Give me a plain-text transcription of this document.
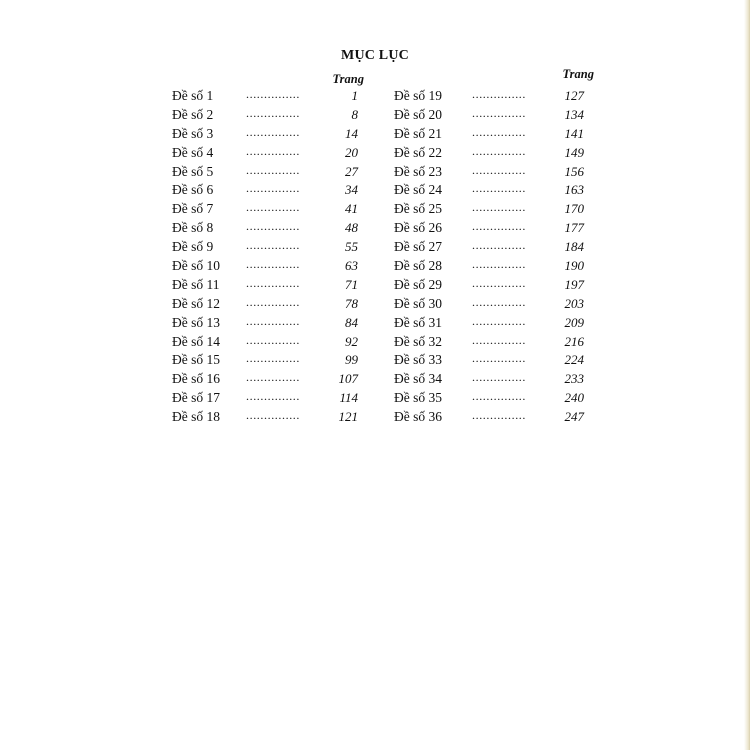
MỤC LỤC
Trang	Trang
Đề số 1	...............	1
Đề số 2	...............	8
Đề số 3	...............	14
Đề số 4	...............	20
Đề số 5	...............	27
Đề số 6	...............	34
Đề số 7	...............	41
Đề số 8	...............	48
Đề số 9	...............	55
Đề số 10 ...............	63
Đề số 11 ...............	71
Đề số 12 ...............	78
Đề số 13 ...............	84
Đề số 14 ...............	92
Đề số 15 ...............	99
Đề số 16 ...............	107
Đề số 17 ...............	114
Đề số 18 ...............	121
Đề số 19	...............	127
Đề số 20	...............	134
Đề số 21	...............	141
Đề số 22	...............	149
Đề số 23	...............	156
Đề số 24	...............	163
Đề số 25	...............	170
Đề số 26	...............	177
Đề số 27	...............	184
Đề số 28	...............	190
Đề số 29	...............	197
Đề số 30	...............	203
Đề số 31	...............	209
Đề số 32	...............	216
Đề số 33	...............	224
Đề số 34	...............	233
Đề số 35	...............	240
Đề số 36	...............	247
